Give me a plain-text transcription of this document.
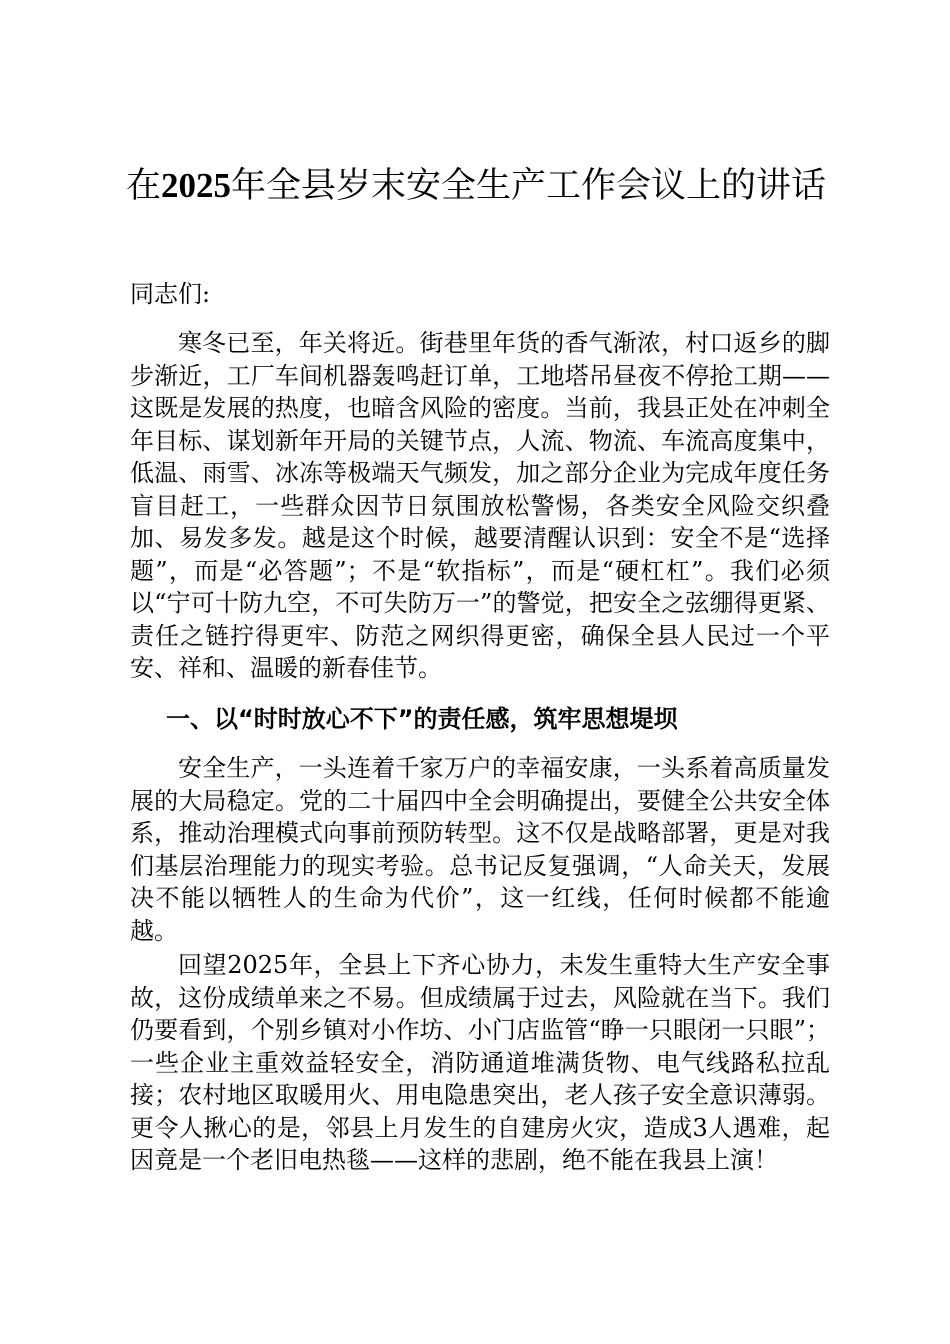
在2025年全县岁末安全生产工作会议上的讲话

同志们:

寒冬已至，年关将近。街巷里年货的香气渐浓，村口返乡的脚步渐近，工厂车间机器轰鸣赶订单，工地塔吊昼夜不停抢工期——这既是发展的热度，也暗含风险的密度。当前，我县正处在冲刺全年目标、谋划新年开局的关键节点，人流、物流、车流高度集中，低温、雨雪、冰冻等极端天气频发，加之部分企业为完成年度任务盲目赶工，一些群众因节日氛围放松警惕，各类安全风险交织叠加、易发多发。越是这个时候，越要清醒认识到：安全不是“选择题”，而是“必答题”；不是“软指标”，而是“硬杠杠”。我们必须以“宁可十防九空，不可失防万一”的警觉，把安全之弦绷得更紧、责任之链拧得更牢、防范之网织得更密，确保全县人民过一个平安、祥和、温暖的新春佳节。

一、以“时时放心不下”的责任感，筑牢思想堤坝

安全生产，一头连着千家万户的幸福安康，一头系着高质量发展的大局稳定。党的二十届四中全会明确提出，要健全公共安全体系，推动治理模式向事前预防转型。这不仅是战略部署，更是对我们基层治理能力的现实考验。总书记反复强调，“人命关天，发展决不能以牺牲人的生命为代价”，这一红线，任何时候都不能逾越。

回望2025年，全县上下齐心协力，未发生重特大生产安全事故，这份成绩单来之不易。但成绩属于过去，风险就在当下。我们仍要看到，个别乡镇对小作坊、小门店监管“睁一只眼闭一只眼”；一些企业主重效益轻安全，消防通道堆满货物、电气线路私拉乱接；农村地区取暖用火、用电隐患突出，老人孩子安全意识薄弱。更令人揪心的是，邻县上月发生的自建房火灾，造成3人遇难，起因竟是一个老旧电热毯——这样的悲剧，绝不能在我县上演！
